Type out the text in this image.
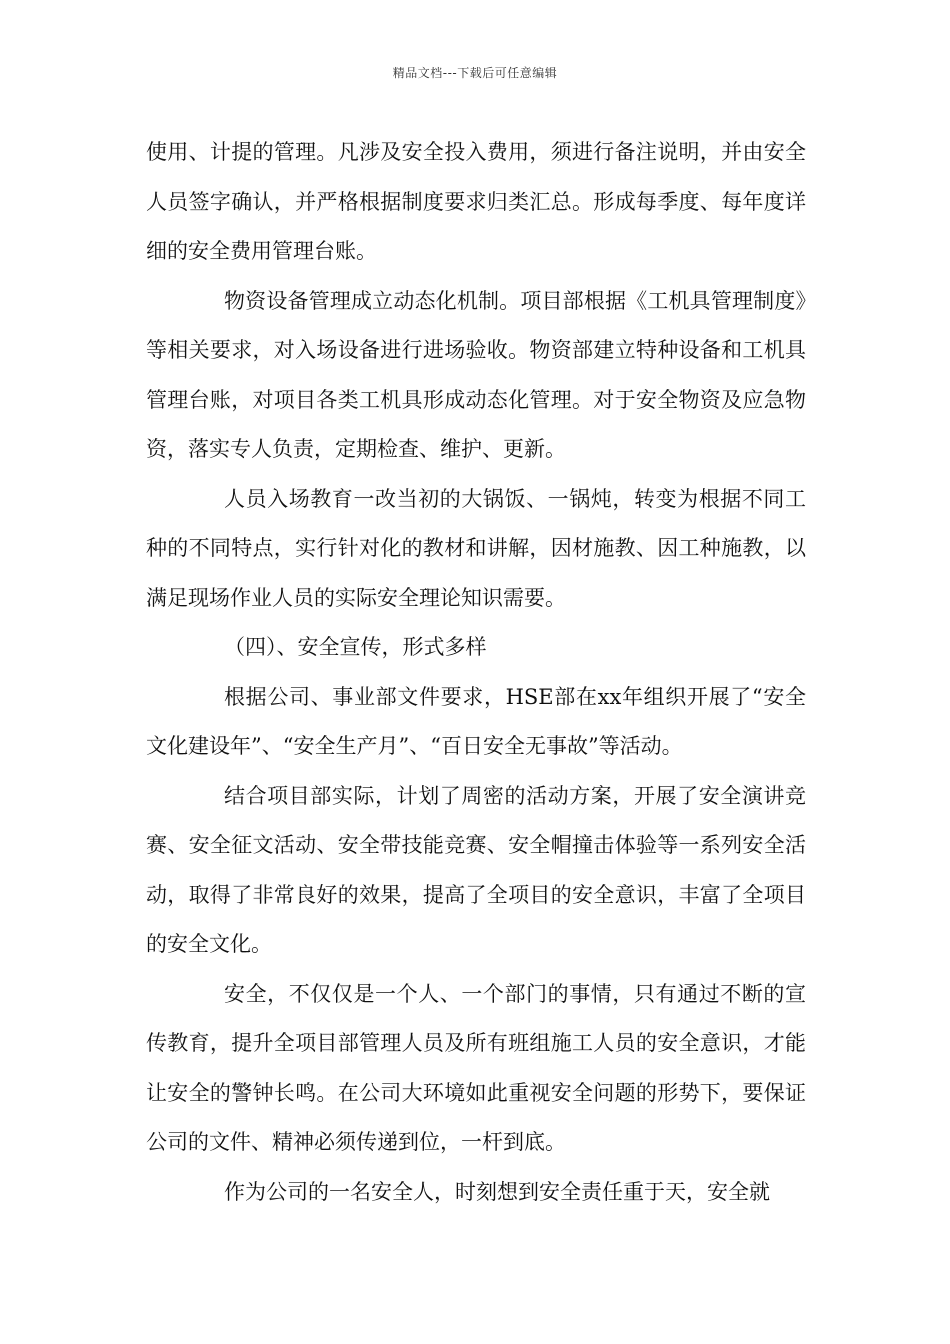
精品文档---下载后可任意编辑

使用、计提的管理。凡涉及安全投入费用，须进行备注说明，并由安全人员签字确认，并严格根据制度要求归类汇总。形成每季度、每年度详细的安全费用管理台账。

物资设备管理成立动态化机制。项目部根据《工机具管理制度》等相关要求，对入场设备进行进场验收。物资部建立特种设备和工机具管理台账，对项目各类工机具形成动态化管理。对于安全物资及应急物资，落实专人负责，定期检查、维护、更新。

人员入场教育一改当初的大锅饭、一锅炖，转变为根据不同工种的不同特点，实行针对化的教材和讲解，因材施教、因工种施教，以满足现场作业人员的实际安全理论知识需要。

（四）、安全宣传，形式多样

根据公司、事业部文件要求，HSE部在xx年组织开展了“安全文化建设年”、“安全生产月”、“百日安全无事故”等活动。

结合项目部实际，计划了周密的活动方案，开展了安全演讲竞赛、安全征文活动、安全带技能竞赛、安全帽撞击体验等一系列安全活动，取得了非常良好的效果，提高了全项目的安全意识，丰富了全项目的安全文化。

安全，不仅仅是一个人、一个部门的事情，只有通过不断的宣传教育，提升全项目部管理人员及所有班组施工人员的安全意识，才能让安全的警钟长鸣。在公司大环境如此重视安全问题的形势下，要保证公司的文件、精神必须传递到位，一杆到底。

作为公司的一名安全人，时刻想到安全责任重于天，安全就
